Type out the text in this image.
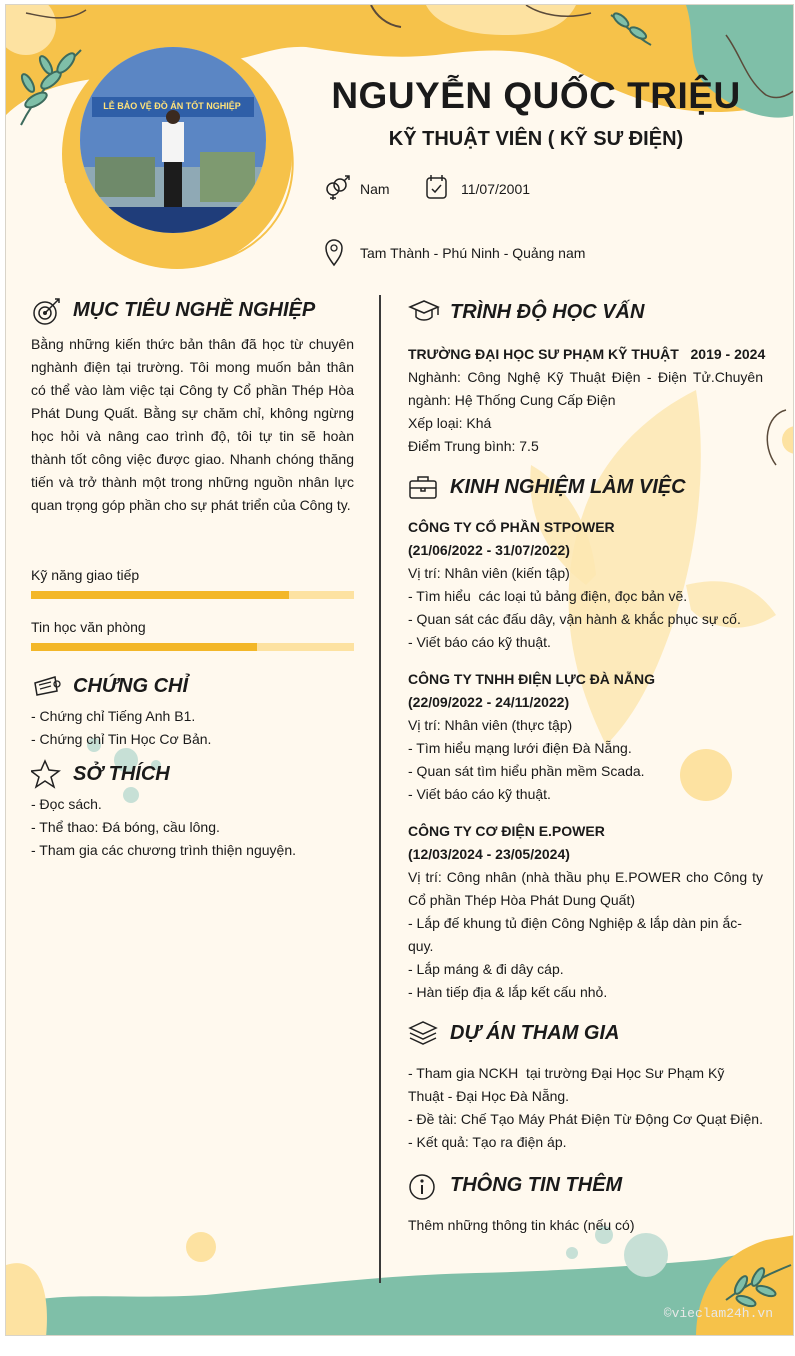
LỄ BẢO VỆ ĐỒ ÁN TỐT NGHIỆP	NGUYỄN QUỐC TRIỆU
KỸ THUẬT VIÊN ( KỸ SƯ ĐIỆN)
Nam	11/07/2001
Tam Thành - Phú Ninh - Quảng nam
©vieclam24h.vn
MỤC TIÊU NGHỀ NGHIỆP
Bằng những kiến thức bản thân đã học từ chuyên nghành điện tại trường. Tôi mong muốn bản thân có thể vào làm việc tại Công ty Cổ phần Thép Hòa Phát Dung Quất. Bằng sự chăm chỉ, không ngừng học hỏi và nâng cao trình độ, tôi tự tin sẽ hoàn thành tốt công việc được giao. Nhanh chóng thăng tiến và trở thành một trong những nguồn nhân lực quan trọng góp phần cho sự phát triển của Công ty.
Kỹ năng giao tiếp
Tin học văn phòng
CHỨNG CHỈ

- Chứng chỉ Tiếng Anh B1.

- Chứng chỉ Tin Học Cơ Bản.

SỞ THÍCH

- Đọc sách.

- Thể thao: Đá bóng, cầu lông.

- Tham gia các chương trình thiện nguyện.

TRÌNH ĐỘ HỌC VẤN

TRƯỜNG ĐẠI HỌC SƯ PHẠM KỸ THUẬT   2019 - 2024

Nghành: Công Nghệ Kỹ Thuật Điện - Điện Tử.Chuyên ngành: Hệ Thống Cung Cấp Điện

Xếp loại: Khá

Điểm Trung bình: 7.5

KINH NGHIỆM LÀM VIỆC

CÔNG TY CỔ PHẦN STPOWER

(21/06/2022 - 31/07/2022)

Vị trí: Nhân viên (kiến tập)

- Tìm hiểu  các loại tủ bảng điện, đọc bản vẽ.

- Quan sát các đấu dây, vận hành & khắc phục sự cố.

- Viết báo cáo kỹ thuật.

CÔNG TY TNHH ĐIỆN LỰC ĐÀ NẴNG

(22/09/2022 - 24/11/2022)

Vị trí: Nhân viên (thực tập)

- Tìm hiểu mạng lưới điện Đà Nẵng.

- Quan sát tìm hiểu phần mềm Scada.

- Viết báo cáo kỹ thuật.

CÔNG TY CƠ ĐIỆN E.POWER

(12/03/2024 - 23/05/2024)

Vị trí: Công nhân (nhà thầu phụ E.POWER cho Công ty Cổ phần Thép Hòa Phát Dung Quất)

- Lắp đế khung tủ điện Công Nghiệp & lắp dàn pin ắc-quy.

- Lắp máng & đi dây cáp.

- Hàn tiếp địa & lắp kết cấu nhỏ.

DỰ ÁN THAM GIA

- Tham gia NCKH  tại trường Đại Học Sư Phạm Kỹ Thuật - Đại Học Đà Nẵng.

- Đề tài: Chế Tạo Máy Phát Điện Từ Động Cơ Quạt Điện.

- Kết quả: Tạo ra điện áp.

THÔNG TIN THÊM
Thêm những thông tin khác (nếu có)
